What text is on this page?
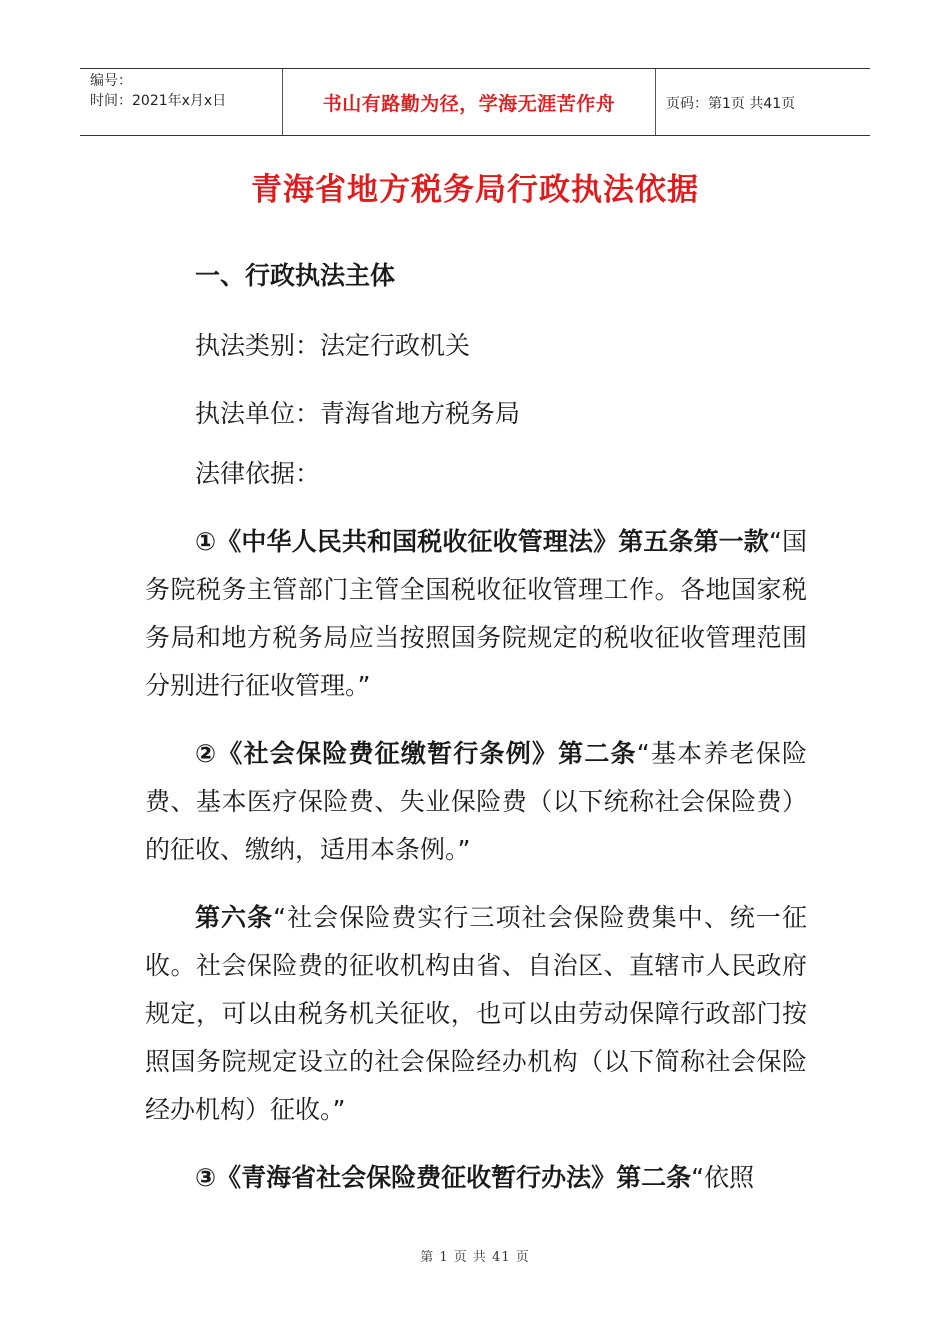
编号：
时间：2021年x月x日	书山有路勤为径，学海无涯苦作舟	页码：第1页 共41页
青海省地方税务局行政执法依据

一、行政执法主体

执法类别：法定行政机关

执法单位：青海省地方税务局

法律依据：

①《中华人民共和国税收征收管理法》第五条第一款“国务院税务主管部门主管全国税收征收管理工作。各地国家税务局和地方税务局应当按照国务院规定的税收征收管理范围分别进行征收管理。”

②《社会保险费征缴暂行条例》第二条“基本养老保险费、基本医疗保险费、失业保险费（以下统称社会保险费）的征收、缴纳，适用本条例。”

第六条“社会保险费实行三项社会保险费集中、统一征收。社会保险费的征收机构由省、自治区、直辖市人民政府规定，可以由税务机关征收，也可以由劳动保障行政部门按照国务院规定设立的社会保险经办机构（以下简称社会保险经办机构）征收。”

③《青海省社会保险费征收暂行办法》第二条“依照

第 1 页 共 41 页
